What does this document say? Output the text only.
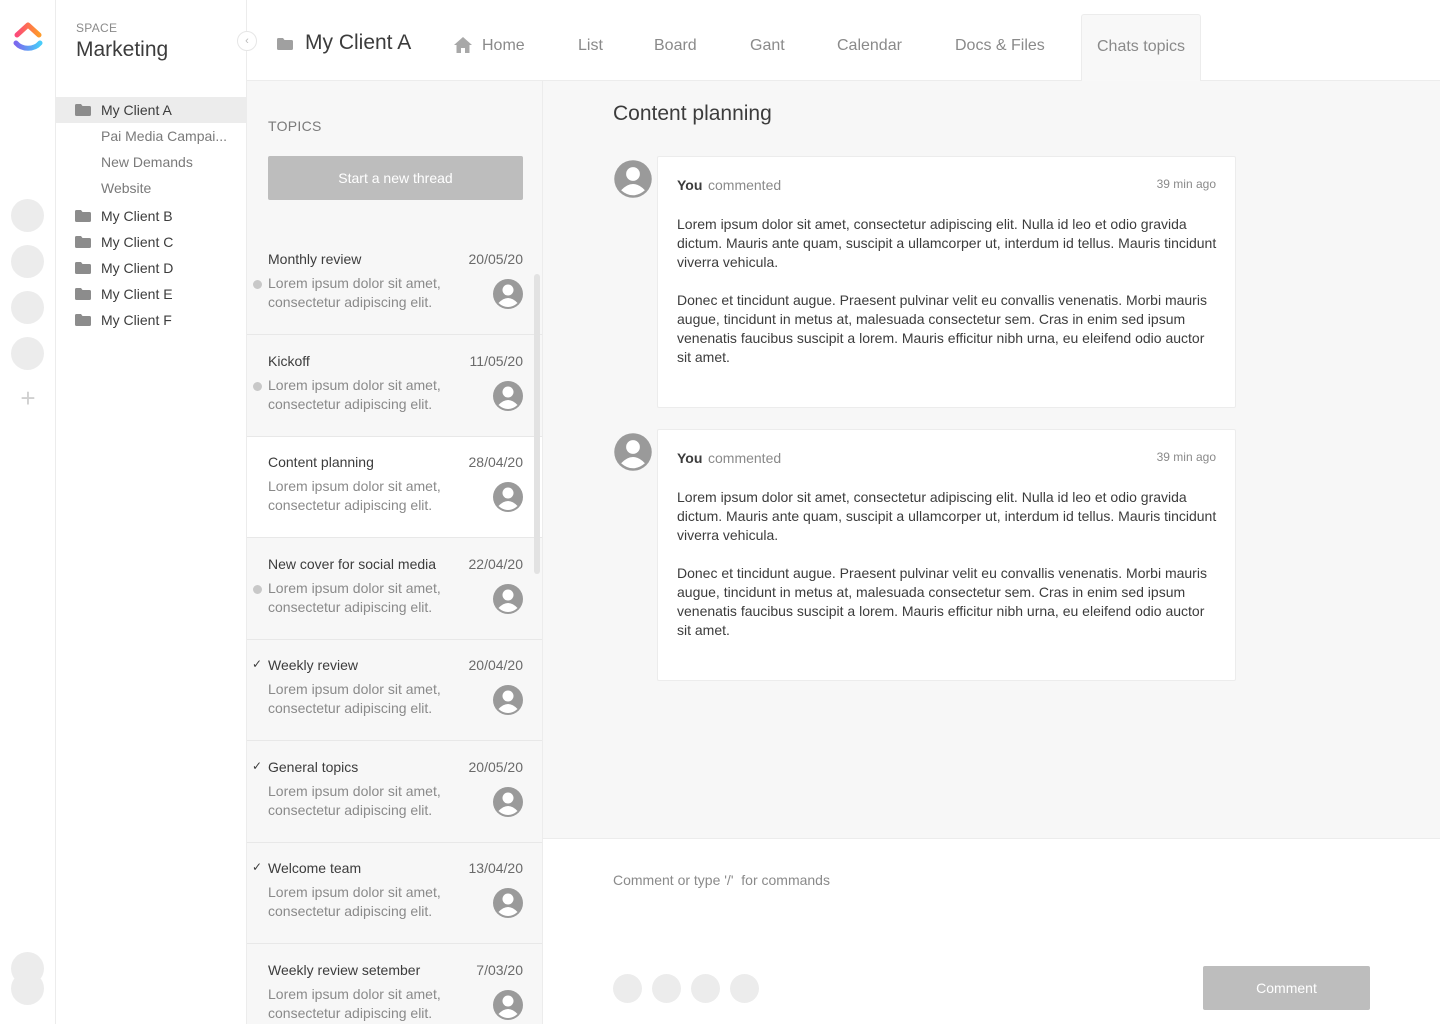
+
SPACE
Marketing	‹
My Client A
Pai Media Campai...
New Demands
Website
My Client B
My Client C
My Client D
My Client E
My Client F
My Client A	Home	List	Board	Gant	Calendar	Docs & Files	Chats topics
TOPICS
Start a new thread
Monthly review	20/05/20
Lorem ipsum dolor sit amet, consectetur adipiscing elit.
Kickoff	11/05/20
Lorem ipsum dolor sit amet, consectetur adipiscing elit.
Content planning	28/04/20
Lorem ipsum dolor sit amet, consectetur adipiscing elit.
New cover for social media 22/04/20
Lorem ipsum dolor sit amet, consectetur adipiscing elit.
✓ Weekly review	20/04/20
Lorem ipsum dolor sit amet, consectetur adipiscing elit.
✓ General topics	20/05/20
Lorem ipsum dolor sit amet, consectetur adipiscing elit.
✓ Welcome team	13/04/20
Lorem ipsum dolor sit amet, consectetur adipiscing elit.
Weekly review setember	7/03/20
Lorem ipsum dolor sit amet, consectetur adipiscing elit.
Content planning
You commented	39 min ago
Lorem ipsum dolor sit amet, consectetur adipiscing elit. Nulla id leo et odio gravida dictum. Mauris ante quam, suscipit a ullamcorper ut, interdum id tellus. Mauris tincidunt viverra vehicula.
Donec et tincidunt augue. Praesent pulvinar velit eu convallis venenatis. Morbi mauris augue, tincidunt in metus at, malesuada consectetur sem. Cras in enim sed ipsum venenatis faucibus suscipit a lorem. Mauris efficitur nibh urna, eu eleifend odio auctor sit amet.
You commented	39 min ago
Lorem ipsum dolor sit amet, consectetur adipiscing elit. Nulla id leo et odio gravida dictum. Mauris ante quam, suscipit a ullamcorper ut, interdum id tellus. Mauris tincidunt viverra vehicula.
Donec et tincidunt augue. Praesent pulvinar velit eu convallis venenatis. Morbi mauris augue, tincidunt in metus at, malesuada consectetur sem. Cras in enim sed ipsum venenatis faucibus suscipit a lorem. Mauris efficitur nibh urna, eu eleifend odio auctor sit amet.
Comment or type '/' for commands
Comment
